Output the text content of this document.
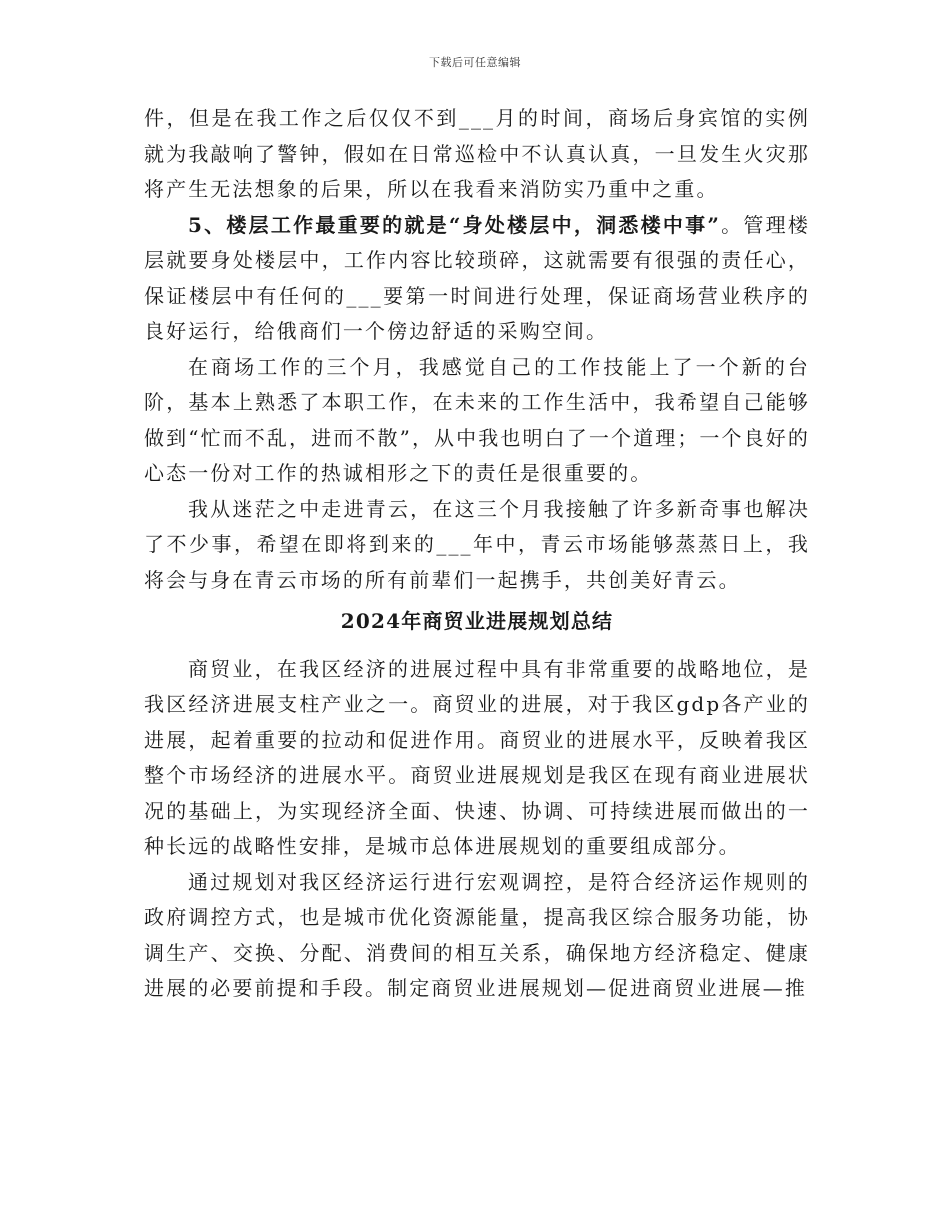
下载后可任意编辑

件，但是在我工作之后仅仅不到___月的时间，商场后身宾馆的实例就为我敲响了警钟，假如在日常巡检中不认真认真，一旦发生火灾那将产生无法想象的后果，所以在我看来消防实乃重中之重。

5、楼层工作最重要的就是“身处楼层中，洞悉楼中事”。管理楼层就要身处楼层中，工作内容比较琐碎，这就需要有很强的责任心，保证楼层中有任何的___要第一时间进行处理，保证商场营业秩序的良好运行，给俄商们一个傍边舒适的采购空间。

在商场工作的三个月，我感觉自己的工作技能上了一个新的台阶，基本上熟悉了本职工作，在未来的工作生活中，我希望自己能够做到“忙而不乱，进而不散”，从中我也明白了一个道理；一个良好的心态一份对工作的热诚相形之下的责任是很重要的。

我从迷茫之中走进青云，在这三个月我接触了许多新奇事也解决了不少事，希望在即将到来的___年中，青云市场能够蒸蒸日上，我将会与身在青云市场的所有前辈们一起携手，共创美好青云。

2024年商贸业进展规划总结

商贸业，在我区经济的进展过程中具有非常重要的战略地位，是我区经济进展支柱产业之一。商贸业的进展，对于我区gdp各产业的进展，起着重要的拉动和促进作用。商贸业的进展水平，反映着我区整个市场经济的进展水平。商贸业进展规划是我区在现有商业进展状况的基础上，为实现经济全面、快速、协调、可持续进展而做出的一种长远的战略性安排，是城市总体进展规划的重要组成部分。

通过规划对我区经济运行进行宏观调控，是符合经济运作规则的政府调控方式，也是城市优化资源能量，提高我区综合服务功能，协调生产、交换、分配、消费间的相互关系，确保地方经济稳定、健康进展的必要前提和手段。制定商贸业进展规划—促进商贸业进展—推
